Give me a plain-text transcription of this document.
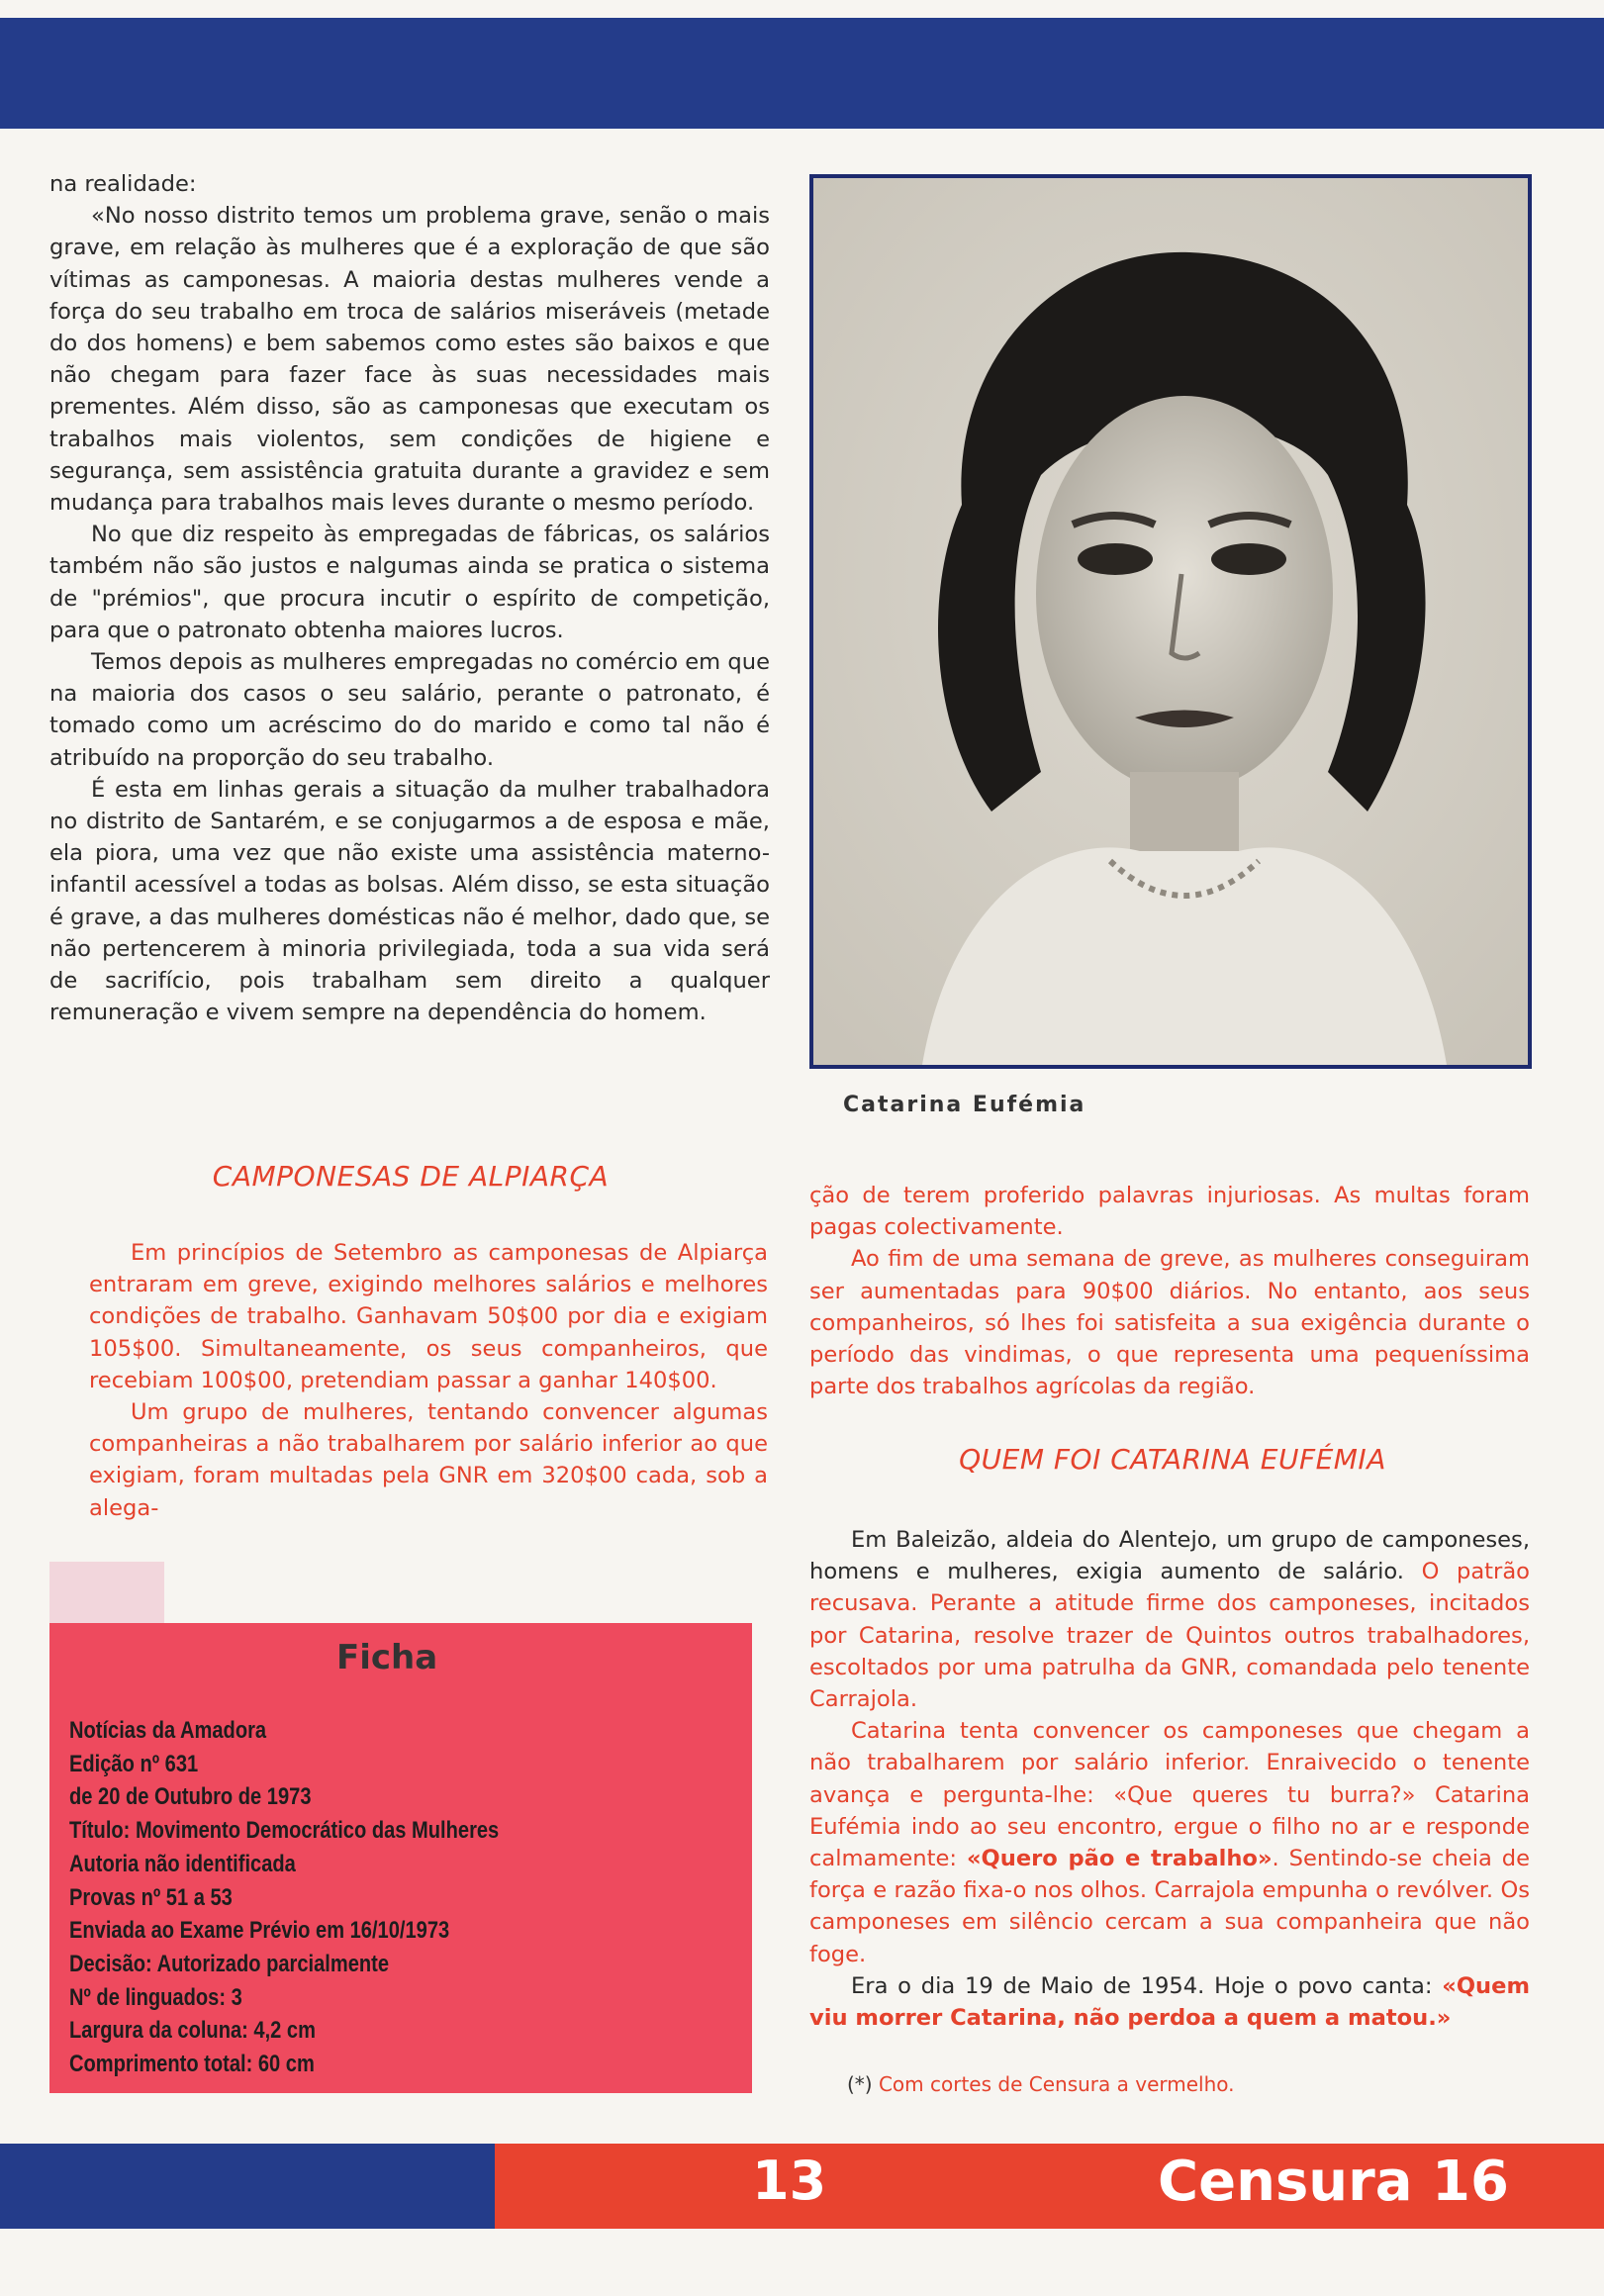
na realidade:

«No nosso distrito temos um problema grave, senão o mais grave, em relação às mulheres que é a exploração de que são vítimas as camponesas. A maioria destas mulheres vende a força do seu trabalho em troca de salários miseráveis (metade do dos homens) e bem sabemos como estes são baixos e que não chegam para fazer face às suas necessidades mais prementes. Além disso, são as camponesas que executam os trabalhos mais violentos, sem condições de higiene e segurança, sem assistência gratuita durante a gravidez e sem mudança para trabalhos mais leves durante o mesmo período.

No que diz respeito às empregadas de fábricas, os salários também não são justos e nalgumas ainda se pratica o sistema de "prémios", que procura incutir o espírito de competição, para que o patronato obtenha maiores lucros.

Temos depois as mulheres empregadas no comércio em que na maioria dos casos o seu salário, perante o patronato, é tomado como um acréscimo do do marido e como tal não é atribuído na proporção do seu trabalho.

É esta em linhas gerais a situação da mulher trabalhadora no distrito de Santarém, e se conjugarmos a de esposa e mãe, ela piora, uma vez que não existe uma assistência materno-infantil acessível a todas as bolsas. Além disso, se esta situação é grave, a das mulheres domésticas não é melhor, dado que, se não pertencerem à minoria privilegiada, toda a sua vida será de sacrifício, pois trabalham sem direito a qualquer remuneração e vivem sempre na dependência do homem.

Catarina Eufémia
CAMPONESAS DE ALPIARÇA

Em princípios de Setembro as camponesas de Alpiarça entraram em greve, exigindo melhores salários e melhores condições de trabalho. Ganhavam 50$00 por dia e exigiam 105$00. Simultaneamente, os seus companheiros, que recebiam 100$00, pretendiam passar a ganhar 140$00.

Um grupo de mulheres, tentando convencer algumas companheiras a não trabalharem por salário inferior ao que exigiam, foram multadas pela GNR em 320$00 cada, sob a alega-

ção de terem proferido palavras injuriosas. As multas foram pagas colectivamente.

Ao fim de uma semana de greve, as mulheres conseguiram ser aumentadas para 90$00 diários. No entanto, aos seus companheiros, só lhes foi satisfeita a sua exigência durante o período das vindimas, o que representa uma pequeníssima parte dos trabalhos agrícolas da região.

QUEM FOI CATARINA EUFÉMIA

Em Baleizão, aldeia do Alentejo, um grupo de camponeses, homens e mulheres, exigia aumento de salário. O patrão recusava. Perante a atitude firme dos camponeses, incitados por Catarina, resolve trazer de Quintos outros trabalhadores, escoltados por uma patrulha da GNR, comandada pelo tenente Carrajola.

Catarina tenta convencer os camponeses que chegam a não trabalharem por salário inferior. Enraivecido o tenente avança e pergunta-lhe: «Que queres tu burra?» Catarina Eufémia indo ao seu encontro, ergue o filho no ar e responde calmamente: «Quero pão e trabalho». Sentindo-se cheia de força e razão fixa-o nos olhos. Carrajola empunha o revólver. Os camponeses em silêncio cercam a sua companheira que não foge.

Era o dia 19 de Maio de 1954. Hoje o povo canta: «Quem viu morrer Catarina, não perdoa a quem a matou.»

(*) Com cortes de Censura a vermelho.
Ficha
Notícias da Amadora
Edição nº 631
de 20 de Outubro de 1973
Título: Movimento Democrático das Mulheres
Autoria não identificada
Provas nº 51 a 53
Enviada ao Exame Prévio em 16/10/1973
Decisão: Autorizado parcialmente
Nº de linguados: 3
Largura da coluna: 4,2 cm
Comprimento total: 60 cm
13	Censura 16
